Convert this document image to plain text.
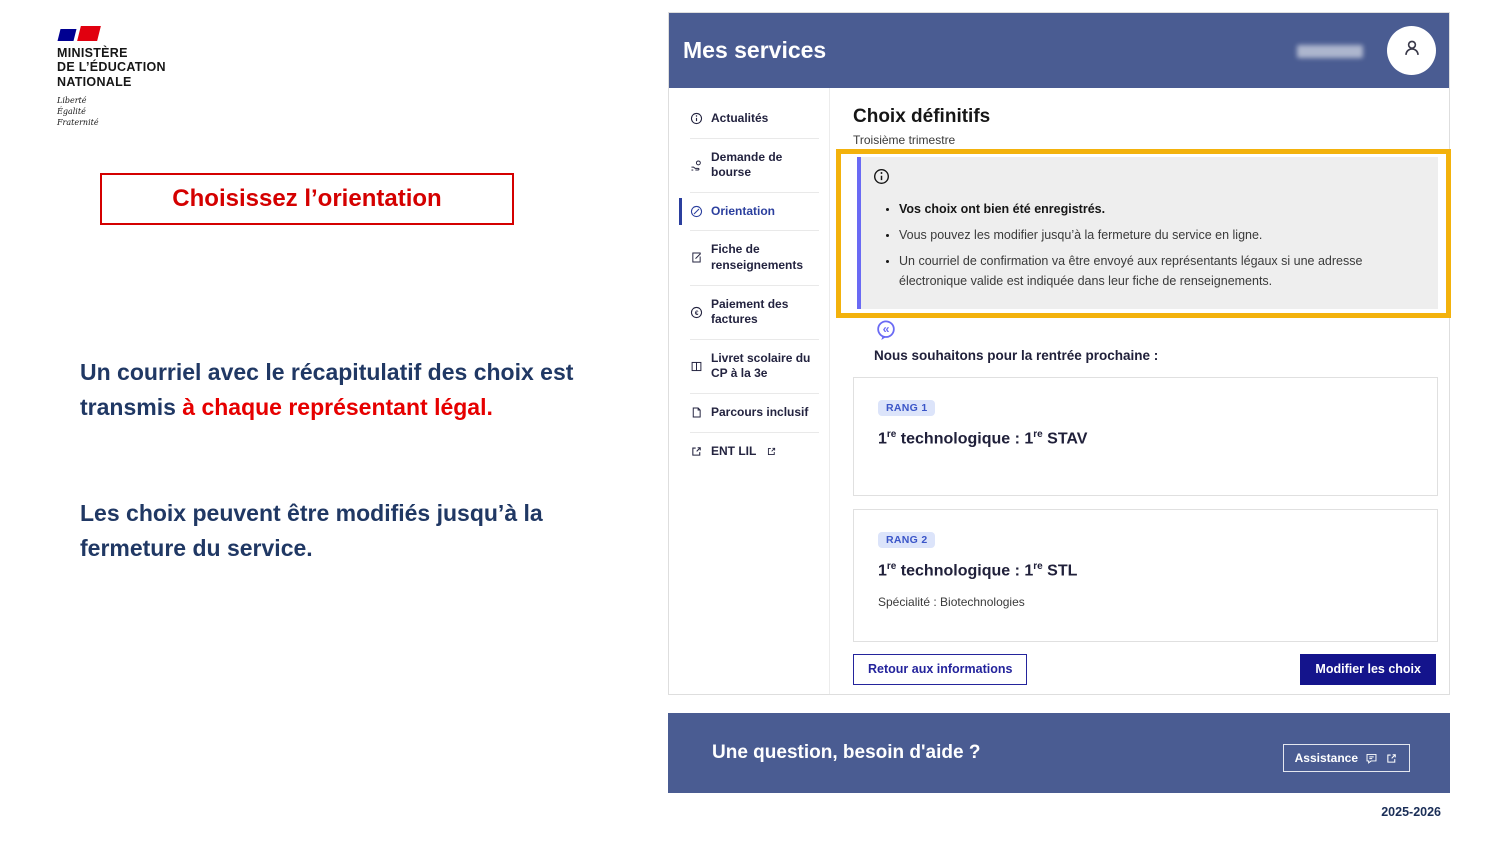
MINISTÈRE
DE L’ÉDUCATION
NATIONALE
Liberté
Égalité
Fraternité
Choisissez l’orientation
Un courriel avec le récapitulatif des choix est transmis à chaque représentant légal.
Les choix peuvent être modifiés jusqu’à la fermeture du service.
2025-2026
Mes services
Actualités
Demande de bourse
Orientation
Fiche de renseignements
€
Paiement des factures
Livret scolaire du CP à la 3e
Parcours inclusif
ENT LIL
Choix définitifs
Troisième trimestre
• Vos choix ont bien été enregistrés.
• Vous pouvez les modifier jusqu’à la fermeture du service en ligne.
• Un courriel de confirmation va être envoyé aux représentants légaux si une adresse électronique valide est indiquée dans leur fiche de renseignements.
«
Nous souhaitons pour la rentrée prochaine :
RANG 1
1re technologique : 1re STAV
RANG 2
1re technologique : 1re STL
Spécialité : Biotechnologies
Retour aux informations	Modifier les choix
Une question, besoin d'aide ?	Assistance
